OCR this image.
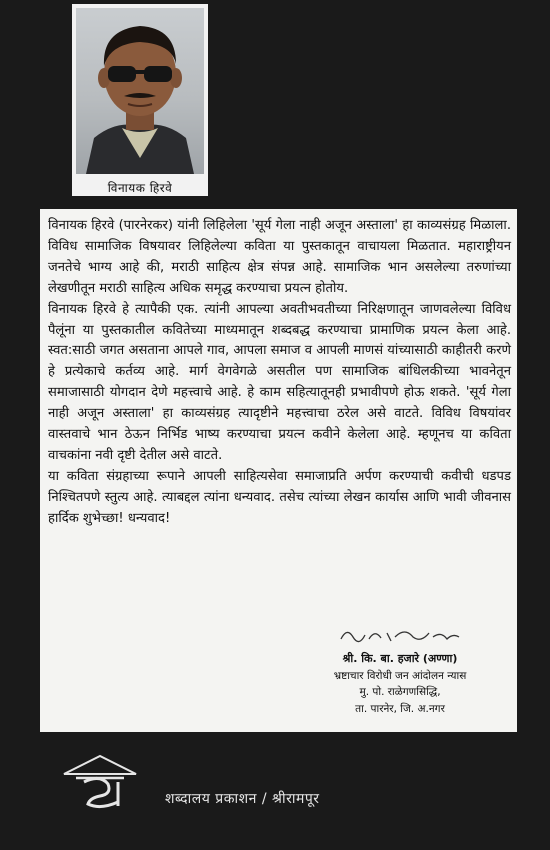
विनायक हिरवे

विनायक हिरवे (पारनेरकर) यांनी लिहिलेला 'सूर्य गेला नाही अजून अस्ताला' हा काव्यसंग्रह मिळाला. विविध सामाजिक विषयावर लिहिलेल्या कविता या पुस्तकातून वाचायला मिळतात. महाराष्ट्रीयन जनतेचे भाग्य आहे की, मराठी साहित्य क्षेत्र संपन्न आहे. सामाजिक भान असलेल्या तरुणांच्या लेखणीतून मराठी साहित्य अधिक समृद्ध करण्याचा प्रयत्न होतोय.

विनायक हिरवे हे त्यापैकी एक. त्यांनी आपल्या अवतीभवतीच्या निरिक्षणातून जाणवलेल्या विविध पैलूंना या पुस्तकातील कवितेच्या माध्यमातून शब्दबद्ध करण्याचा प्रामाणिक प्रयत्न केला आहे. स्वत:साठी जगत असताना आपले गाव, आपला समाज व आपली माणसं यांच्यासाठी काहीतरी करणे हे प्रत्येकाचे कर्तव्य आहे. मार्ग वेगवेगळे असतील पण सामाजिक बांधिलकीच्या भावनेतून समाजासाठी योगदान देणे महत्त्वाचे आहे. हे काम सहित्यातूनही प्रभावीपणे होऊ शकते. 'सूर्य गेला नाही अजून अस्ताला' हा काव्यसंग्रह त्यादृष्टीने महत्त्वाचा ठरेल असे वाटते. विविध विषयांवर वास्तवाचे भान ठेऊन निर्भिड भाष्य करण्याचा प्रयत्न कवीने केलेला आहे. म्हणूनच या कविता वाचकांना नवी दृष्टी देतील असे वाटते.

या कविता संग्रहाच्या रूपाने आपली साहित्यसेवा समाजाप्रति अर्पण करण्याची कवीची धडपड निश्चितपणे स्तुत्य आहे. त्याबद्दल त्यांना धन्यवाद. तसेच त्यांच्या लेखन कार्यास आणि भावी जीवनास हार्दिक शुभेच्छा! धन्यवाद!

श्री. कि. बा. हजारे (अण्णा)
भ्रष्टाचार विरोधी जन आंदोलन न्यास
मु. पो. राळेगणसिद्धि,
ता. पारनेर, जि. अ.नगर
शब्दालय प्रकाशन / श्रीरामपूर
